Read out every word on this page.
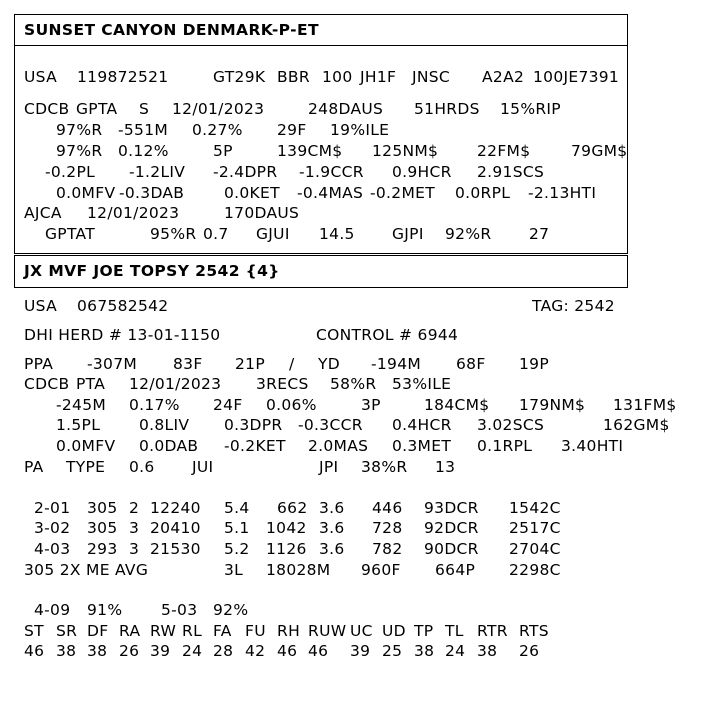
SUNSET CANYON DENMARK-P-ET
JX MVF JOE TOPSY 2542 {4}
USA 119872521	GT29K BBR 100 JH1F JNSC A2A2 100JE7391
CDCB GPTA S 12/01/2023	248DAUS 51HRDS 15%RIP
97%R -551M 0.27% 29F 19%ILE
97%R 0.12%	5P	139CM$ 125NM$	22FM$	79GM$
-0.2PL -1.2LIV -2.4DPR -1.9CCR 0.9HCR 2.91SCS
0.0MFV -0.3DAB	0.0KET -0.4MAS -0.2MET 0.0RPL -2.13HTI
AJCA 12/01/2023	170DAUS
GPTAT	95%R 0.7 GJUI 14.5 GJPI 92%R 27
USA 067582542	TAG: 2542
DHI HERD # 13-01-1150	CONTROL # 6944
PPA -307M 83F 21P / YD -194M 68F 19P
CDCB PTA 12/01/2023 3RECS 58%R 53%ILE
-245M 0.17% 24F 0.06%	3P	184CM$ 179NM$ 131FM$
1.5PL	0.8LIV 0.3DPR -0.3CCR 0.4HCR 3.02SCS	162GM$
0.0MFV 0.0DAB -0.2KET 2.0MAS 0.3MET 0.1RPL 3.40HTI
PA TYPE 0.6 JUI	JPI 38%R 13
2-01 305 2 12240 5.4 662 3.6 446 93DCR 1542C
3-02 305 3 20410 5.1 1042 3.6 728 92DCR 2517C
4-03 293 3 21530 5.2 1126 3.6 782 90DCR 2704C
305 2X ME AVG	3L 18028M 960F 664P 2298C
4-09 91% 5-03 92%
ST SR DF RA RW RL FA FU RH RUW UC UD TP TL RTR RTS
46 38 38 26 39 24 28 42 46 46 39 25 38 24 38 26
